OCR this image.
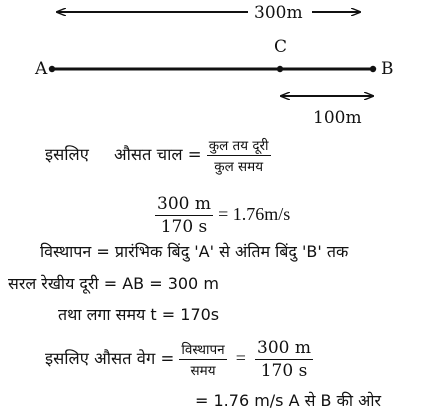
300m
A
C
B
100m
इसलिए औसत चाल = $\frac{\text{कुल तय दूरी}}{\text{कुल समय}}$
$\frac{300 m}{170 s} = 1.76m/s$
विस्थापन = प्रारंभिक बिंदु 'A' से अंतिम बिंदु 'B' तक
सरल रेखीय दूरी = AB = 300 m
तथा लगा समय t = 170s
इसलिए औसत वेग = $\frac{\text{विस्थापन}}{\text{समय}} = \frac{300 m}{170 s}$
= 1.76 m/s A से B की ओर
